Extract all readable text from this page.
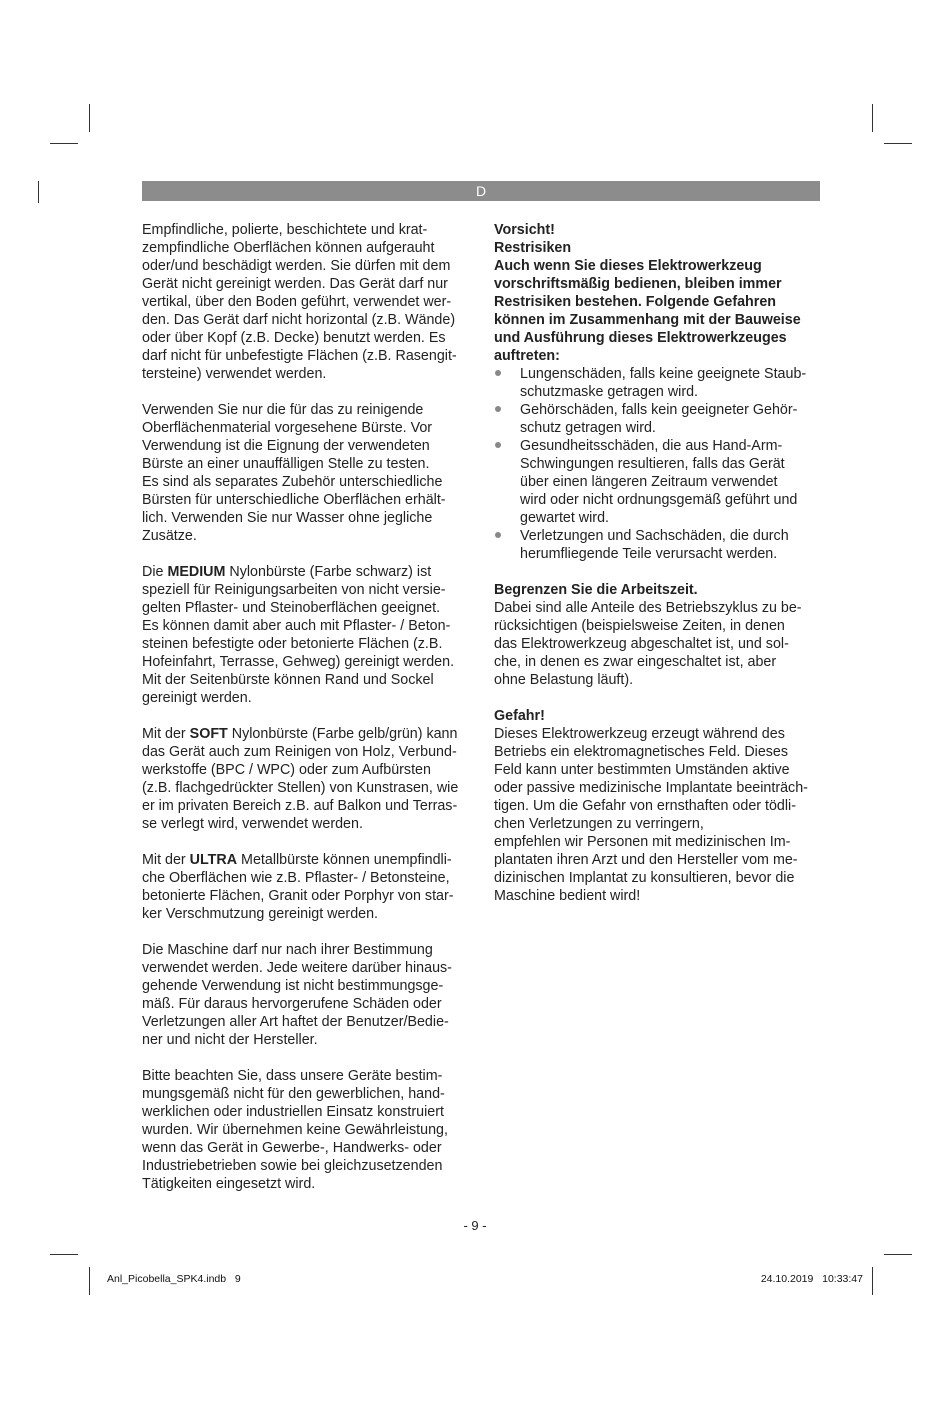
D

Empfindliche, polierte, beschichtete und krat-
zempfindliche Oberflächen können aufgerauht
oder/und beschädigt werden. Sie dürfen mit dem
Gerät nicht gereinigt werden. Das Gerät darf nur
vertikal, über den Boden geführt, verwendet wer-
den. Das Gerät darf nicht horizontal (z.B. Wände)
oder über Kopf (z.B. Decke) benutzt werden. Es
darf nicht für unbefestigte Flächen (z.B. Rasengit-
tersteine) verwendet werden.

Verwenden Sie nur die für das zu reinigende
Oberflächenmaterial vorgesehene Bürste. Vor
Verwendung ist die Eignung der verwendeten
Bürste an einer unauffälligen Stelle zu testen.
Es sind als separates Zubehör unterschiedliche
Bürsten für unterschiedliche Oberflächen erhält-
lich. Verwenden Sie nur Wasser ohne jegliche
Zusätze.

Die MEDIUM Nylonbürste (Farbe schwarz) ist
speziell für Reinigungsarbeiten von nicht versie-
gelten Pflaster- und Steinoberflächen geeignet.
Es können damit aber auch mit Pflaster- / Beton-
steinen befestigte oder betonierte Flächen (z.B.
Hofeinfahrt, Terrasse, Gehweg) gereinigt werden.
Mit der Seitenbürste können Rand und Sockel
gereinigt werden.

Mit der SOFT Nylonbürste (Farbe gelb/grün) kann
das Gerät auch zum Reinigen von Holz, Verbund-
werkstoffe (BPC / WPC) oder zum Aufbürsten
(z.B. flachgedrückter Stellen) von Kunstrasen, wie
er im privaten Bereich z.B. auf Balkon und Terras-
se verlegt wird, verwendet werden.

Mit der ULTRA Metallbürste können unempfindli-
che Oberflächen wie z.B. Pflaster- / Betonsteine,
betonierte Flächen, Granit oder Porphyr von star-
ker Verschmutzung gereinigt werden.

Die Maschine darf nur nach ihrer Bestimmung
verwendet werden. Jede weitere darüber hinaus-
gehende Verwendung ist nicht bestimmungsge-
mäß. Für daraus hervorgerufene Schäden oder
Verletzungen aller Art haftet der Benutzer/Bedie-
ner und nicht der Hersteller.

Bitte beachten Sie, dass unsere Geräte bestim-
mungsgemäß nicht für den gewerblichen, hand-
werklichen oder industriellen Einsatz konstruiert
wurden. Wir übernehmen keine Gewährleistung,
wenn das Gerät in Gewerbe-, Handwerks- oder
Industriebetrieben sowie bei gleichzusetzenden
Tätigkeiten eingesetzt wird.

Vorsicht!
Restrisiken
Auch wenn Sie dieses Elektrowerkzeug
vorschriftsmäßig bedienen, bleiben immer
Restrisiken bestehen. Folgende Gefahren
können im Zusammenhang mit der Bauweise
und Ausführung dieses Elektrowerkzeuges
auftreten:

Lungenschäden, falls keine geeignete Staub-
schutzmaske getragen wird.
Gehörschäden, falls kein geeigneter Gehör-
schutz getragen wird.
Gesundheitsschäden, die aus Hand-Arm-
Schwingungen resultieren, falls das Gerät
über einen längeren Zeitraum verwendet
wird oder nicht ordnungsgemäß geführt und
gewartet wird.
Verletzungen und Sachschäden, die durch
herumfliegende Teile verursacht werden.

Begrenzen Sie die Arbeitszeit.
Dabei sind alle Anteile des Betriebszyklus zu be-
rücksichtigen (beispielsweise Zeiten, in denen
das Elektrowerkzeug abgeschaltet ist, und sol-
che, in denen es zwar eingeschaltet ist, aber
ohne Belastung läuft).

Gefahr!
Dieses Elektrowerkzeug erzeugt während des
Betriebs ein elektromagnetisches Feld. Dieses
Feld kann unter bestimmten Umständen aktive
oder passive medizinische Implantate beeinträch-
tigen. Um die Gefahr von ernsthaften oder tödli-
chen Verletzungen zu verringern,
empfehlen wir Personen mit medizinischen Im-
plantaten ihren Arzt und den Hersteller vom me-
dizinischen Implantat zu konsultieren, bevor die
Maschine bedient wird!

- 9 -
Anl_Picobella_SPK4.indb   9	24.10.2019   10:33:47
